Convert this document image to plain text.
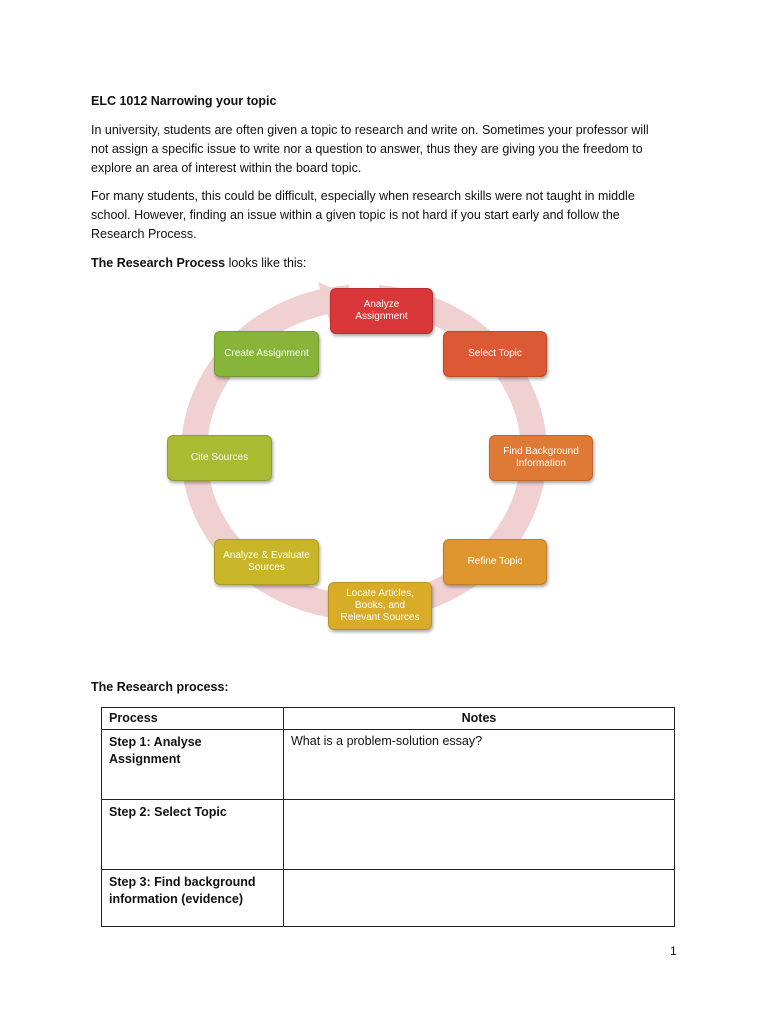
ELC 1012 Narrowing your topic
In university, students are often given a topic to research and write on. Sometimes your professor will
not assign a specific issue to write nor a question to answer, thus they are giving you the freedom to
explore an area of interest within the board topic.
For many students, this could be difficult, especially when research skills were not taught in middle
school. However, finding an issue within a given topic is not hard if you start early and follow the
Research Process.
The Research Process looks like this:
Analyze
Assignment
Select Topic
Find Background
Information
Refine Topic
Locate Articles,
Books, and
Relevant Sources
Analyze & Evaluate
Sources
Cite Sources
Create Assignment
The Research process:
Process	Notes
Step 1: Analyse Assignment	What is a problem-solution essay?
Step 2: Select Topic	
Step 3: Find background information (evidence)	
1
